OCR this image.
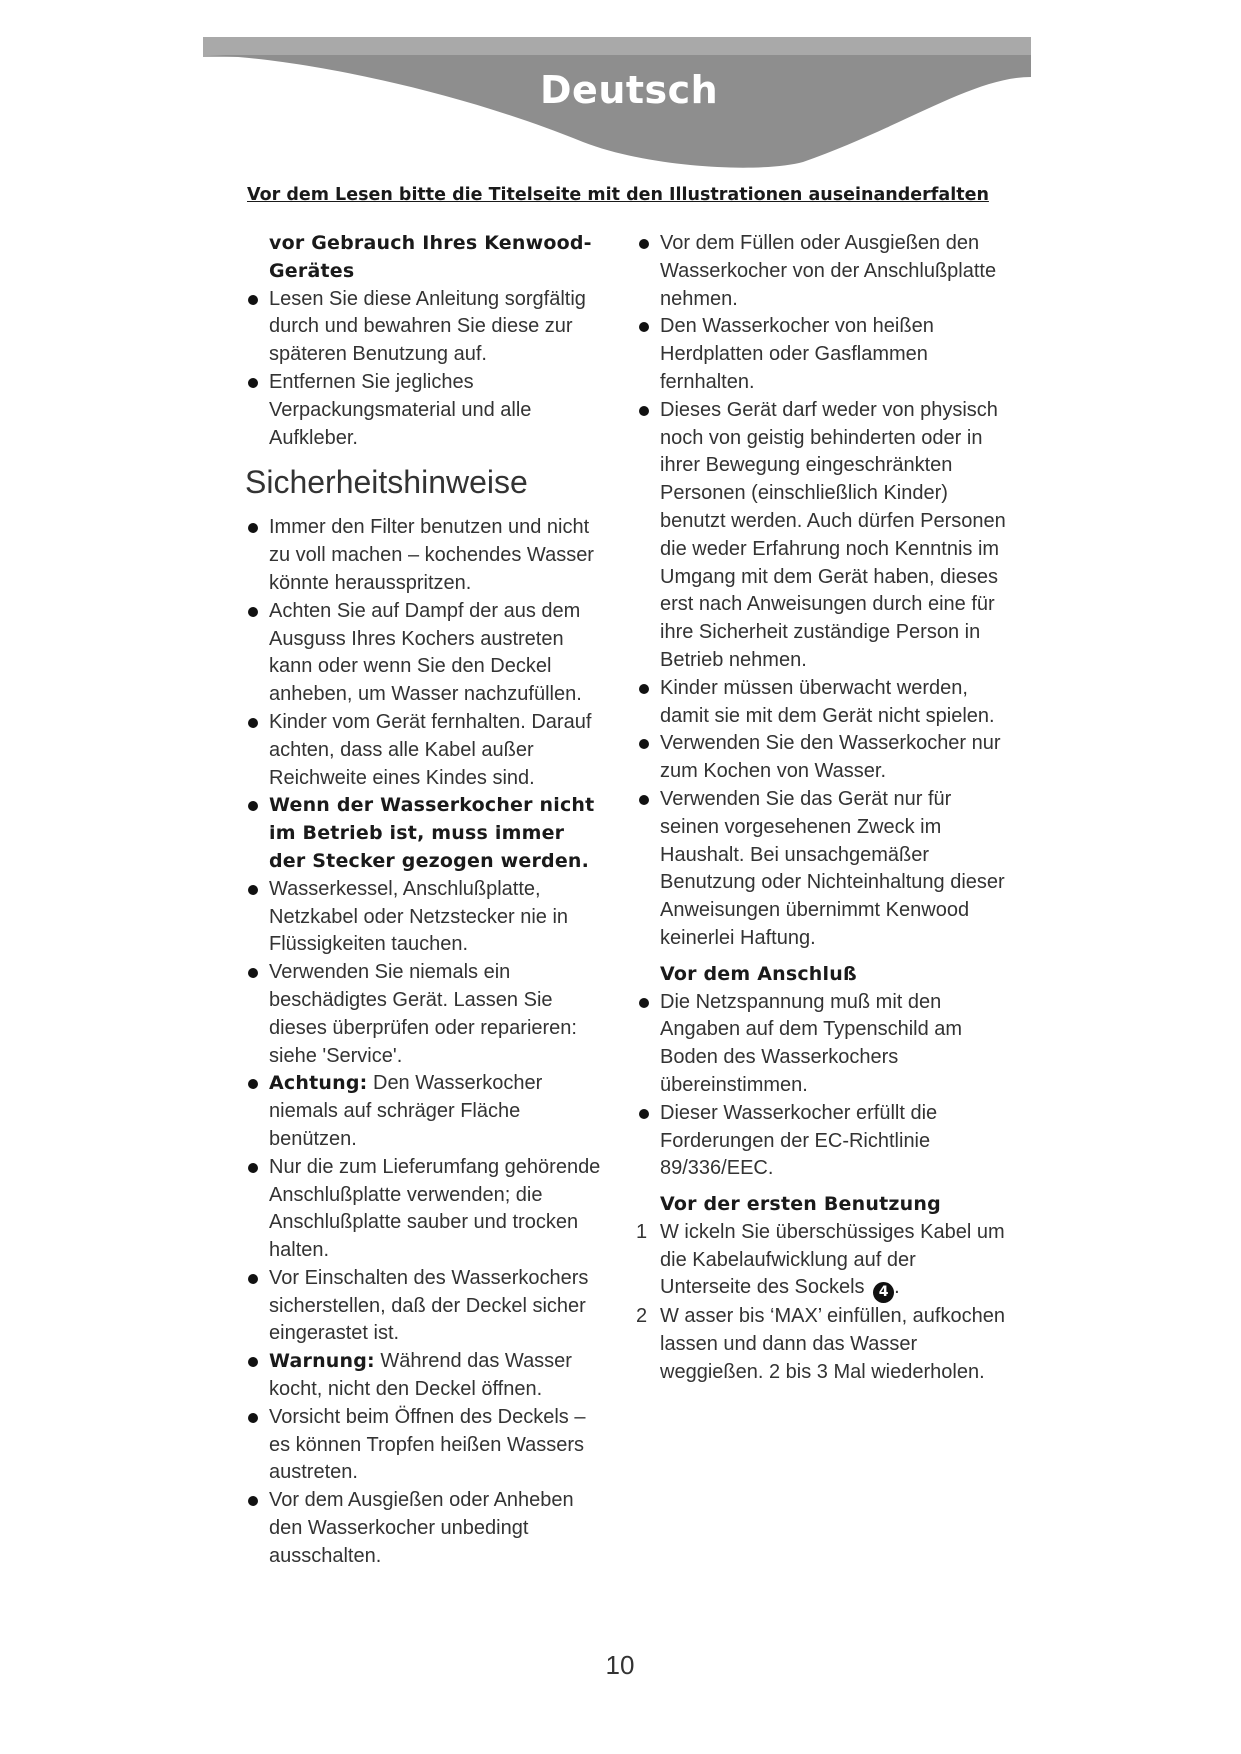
Deutsch
Vor dem Lesen bitte die Titelseite mit den Illustrationen auseinanderfalten
vor Gebrauch Ihres Kenwood-Gerätes
Lesen Sie diese Anleitung sorgfältig durch und bewahren Sie diese zur späteren Benutzung auf.
Entfernen Sie jegliches Verpackungsmaterial und alle Aufkleber.
Sicherheitshinweise
Immer den Filter benutzen und nicht zu voll machen – kochendes Wasser könnte herausspritzen.
Achten Sie auf Dampf der aus dem Ausguss Ihres Kochers austreten kann oder wenn Sie den Deckel anheben, um Wasser nachzufüllen.
Kinder vom Gerät fernhalten. Darauf achten, dass alle Kabel außer Reichweite eines Kindes sind.
Wenn der Wasserkocher nicht im Betrieb ist, muss immer der Stecker gezogen werden.
Wasserkessel, Anschlußplatte, Netzkabel oder Netzstecker nie in Flüssigkeiten tauchen.
Verwenden Sie niemals ein beschädigtes Gerät. Lassen Sie dieses überprüfen oder reparieren: siehe 'Service'.
Achtung: Den Wasserkocher niemals auf schräger Fläche benützen.
Nur die zum Lieferumfang gehörende Anschlußplatte verwenden; die Anschlußplatte sauber und trocken halten.
Vor Einschalten des Wasserkochers sicherstellen, daß der Deckel sicher eingerastet ist.
Warnung: Während das Wasser kocht, nicht den Deckel öffnen.
Vorsicht beim Öffnen des Deckels – es können Tropfen heißen Wassers austreten.
Vor dem Ausgießen oder Anheben den Wasserkocher unbedingt ausschalten.
Vor dem Füllen oder Ausgießen den Wasserkocher von der Anschlußplatte nehmen.
Den Wasserkocher von heißen Herdplatten oder Gasflammen fernhalten.
Dieses Gerät darf weder von physisch noch von geistig behinderten oder in ihrer Bewegung eingeschränkten Personen (einschließlich Kinder) benutzt werden. Auch dürfen Personen die weder Erfahrung noch Kenntnis im Umgang mit dem Gerät haben, dieses erst nach Anweisungen durch eine für ihre Sicherheit zuständige Person in Betrieb nehmen.
Kinder müssen überwacht werden, damit sie mit dem Gerät nicht spielen.
Verwenden Sie den Wasserkocher nur zum Kochen von Wasser.
Verwenden Sie das Gerät nur für seinen vorgesehenen Zweck im Haushalt. Bei unsachgemäßer Benutzung oder Nichteinhaltung dieser Anweisungen übernimmt Kenwood keinerlei Haftung.
Vor dem Anschluß
Die Netzspannung muß mit den Angaben auf dem Typenschild am Boden des Wasserkochers übereinstimmen.
Dieser Wasserkocher erfüllt die Forderungen der EC-Richtlinie 89/336/EEC.
Vor der ersten Benutzung
1 W ickeln Sie überschüssiges Kabel um die Kabelaufwicklung auf der Unterseite des Sockels 4 .
2 W asser bis ‘MAX’ einfüllen, aufkochen lassen und dann das Wasser weggießen. 2 bis 3 Mal wiederholen.
10
